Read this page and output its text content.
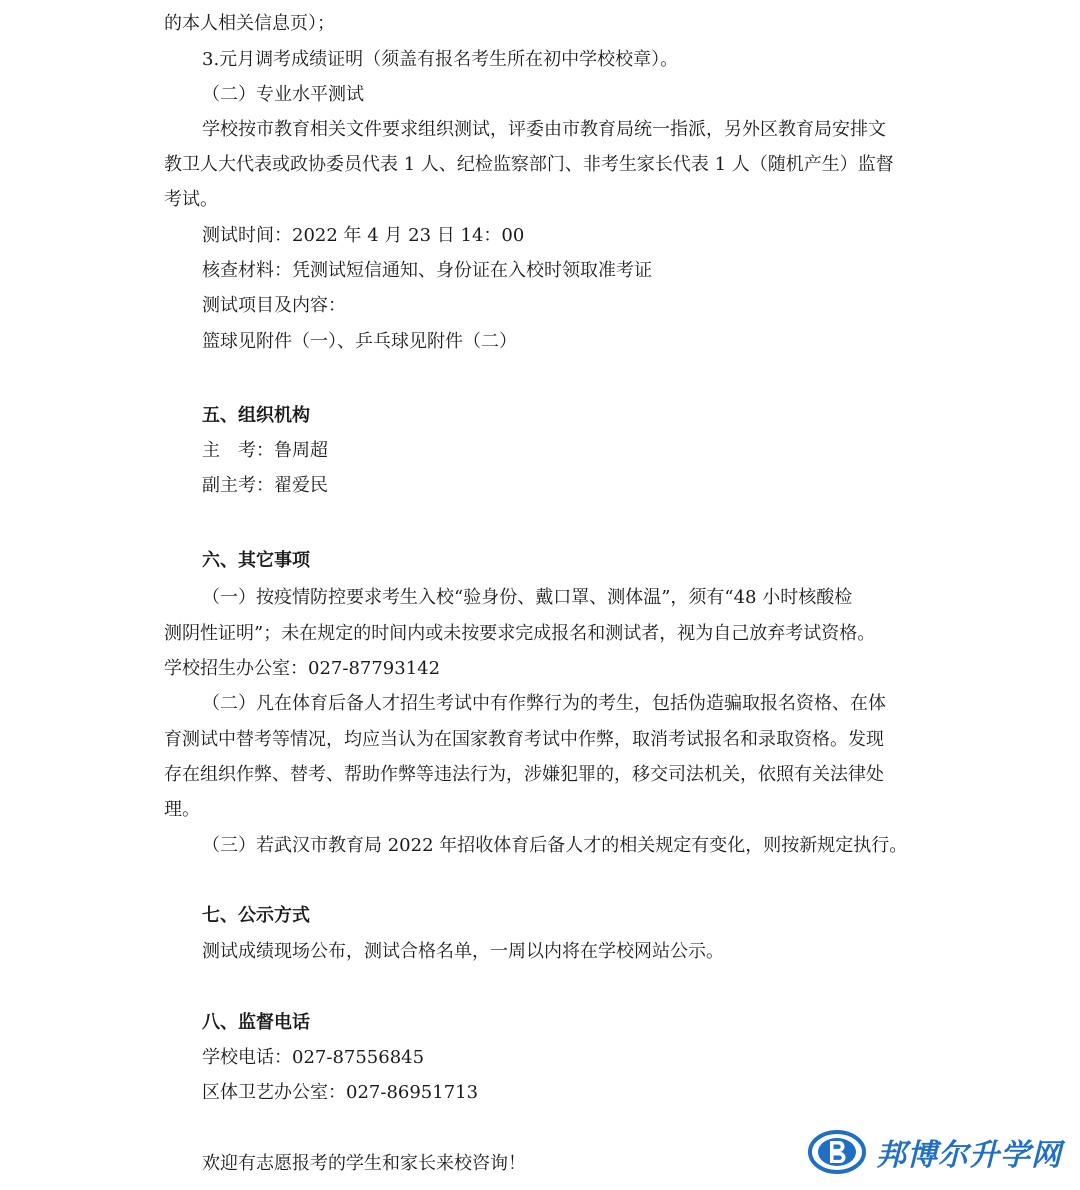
的本人相关信息页）；
3.元月调考成绩证明（须盖有报名考生所在初中学校校章）。
（二）专业水平测试
学校按市教育相关文件要求组织测试，评委由市教育局统一指派，另外区教育局安排文
教卫人大代表或政协委员代表 1 人、纪检监察部门、非考生家长代表 1 人（随机产生）监督
考试。
测试时间：2022 年 4 月 23 日 14：00
核查材料：凭测试短信通知、身份证在入校时领取准考证
测试项目及内容：
篮球见附件（一）、乒乓球见附件（二）
五、组织机构
主　考：鲁周超
副主考：翟爱民
六、其它事项
（一）按疫情防控要求考生入校“验身份、戴口罩、测体温”，须有“48 小时核酸检
测阴性证明”；未在规定的时间内或未按要求完成报名和测试者，视为自己放弃考试资格。
学校招生办公室：027-87793142
（二）凡在体育后备人才招生考试中有作弊行为的考生，包括伪造骗取报名资格、在体
育测试中替考等情况，均应当认为在国家教育考试中作弊，取消考试报名和录取资格。发现
存在组织作弊、替考、帮助作弊等违法行为，涉嫌犯罪的，移交司法机关，依照有关法律处
理。
（三）若武汉市教育局 2022 年招收体育后备人才的相关规定有变化，则按新规定执行。
七、公示方式
测试成绩现场公布，测试合格名单，一周以内将在学校网站公示。
八、监督电话
学校电话：027-87556845
区体卫艺办公室：027-86951713
欢迎有志愿报考的学生和家长来校咨询！	邦博尔升学网
